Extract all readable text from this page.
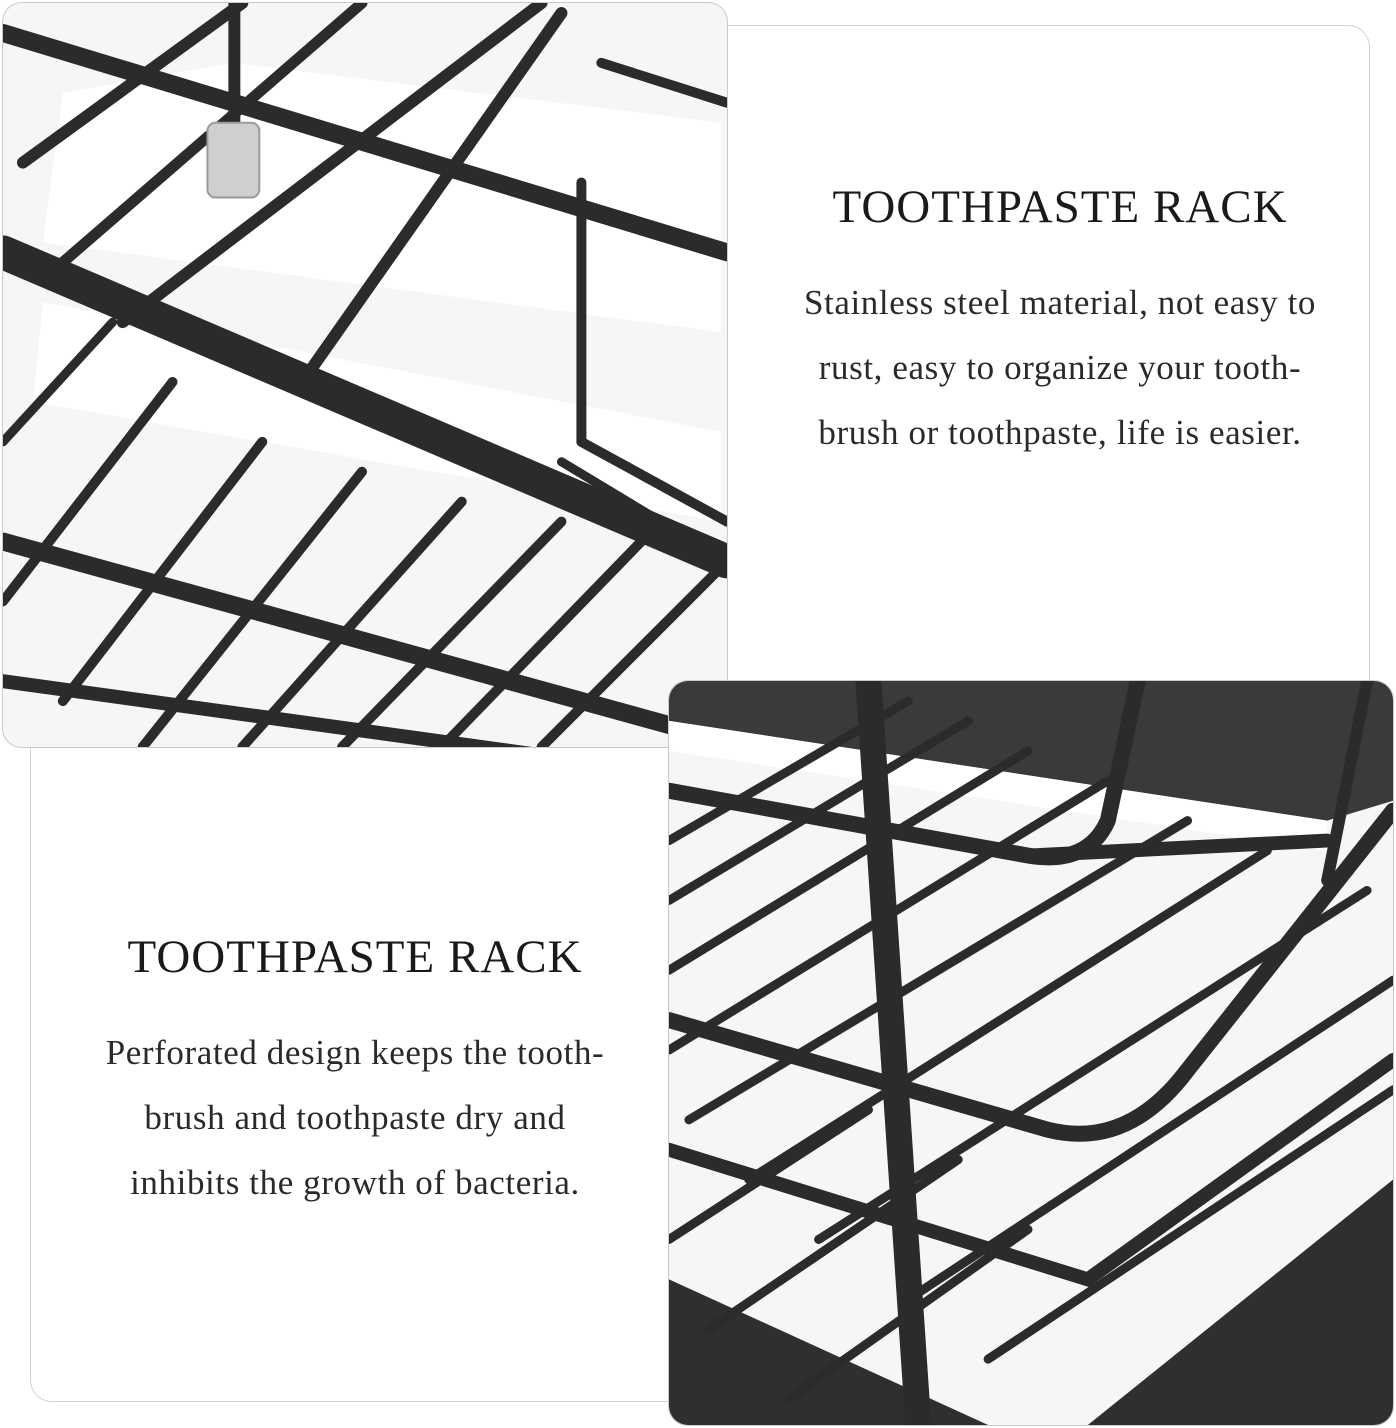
TOOTHPASTE RACK

Stainless steel material, not easy to
rust, easy to organize your tooth-
brush or toothpaste, life is easier.

TOOTHPASTE RACK

Perforated design keeps the tooth-
brush and toothpaste dry and
inhibits the growth of bacteria.
